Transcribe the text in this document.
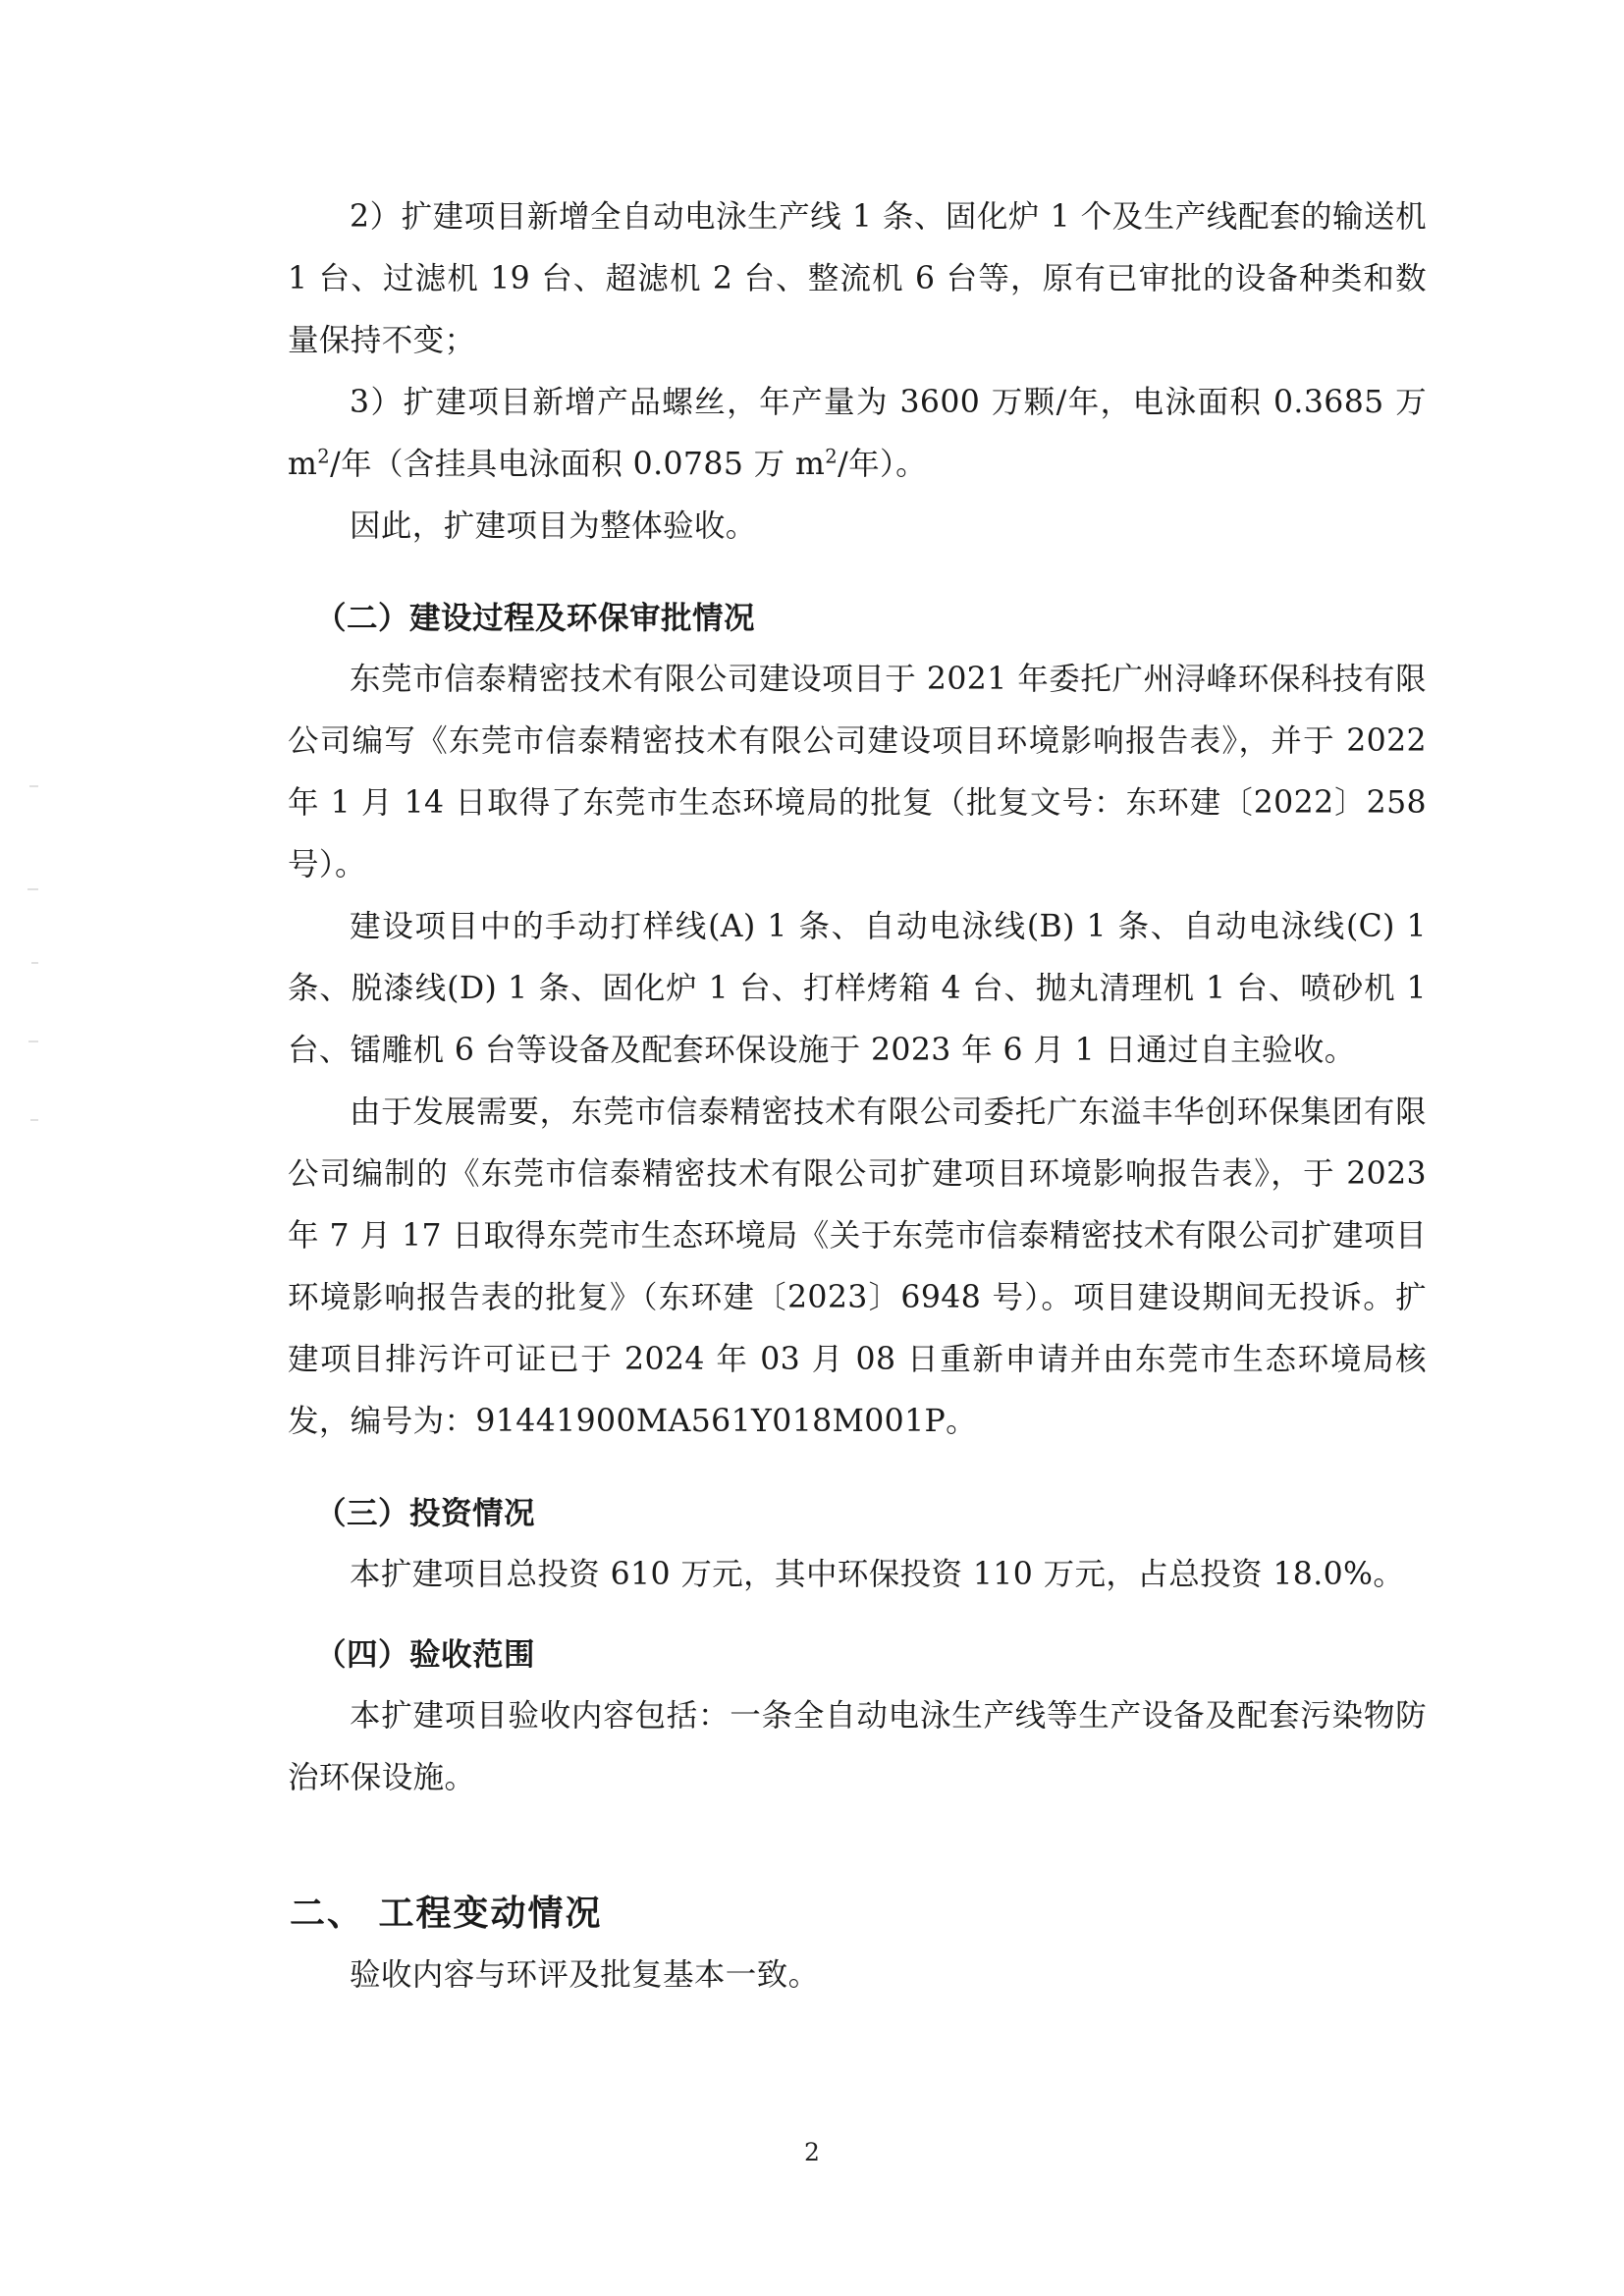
2）扩建项目新增全自动电泳生产线 1 条、固化炉 1 个及生产线配套的输送机 1 台、过滤机 19 台、超滤机 2 台、整流机 6 台等，原有已审批的设备种类和数量保持不变；

3）扩建项目新增产品螺丝，年产量为 3600 万颗/年，电泳面积 0.3685 万 $m^2/$年（含挂具电泳面积 0.0785 万 $m^2/$年）。

因此，扩建项目为整体验收。

（二）建设过程及环保审批情况

东莞市信泰精密技术有限公司建设项目于 2021 年委托广州浔峰环保科技有限公司编写《东莞市信泰精密技术有限公司建设项目环境影响报告表》，并于 2022 年 1 月 14 日取得了东莞市生态环境局的批复（批复文号：东环建〔2022〕258 号）。

建设项目中的手动打样线(A) 1 条、自动电泳线(B) 1 条、自动电泳线(C) 1 条、脱漆线(D) 1 条、固化炉 1 台、打样烤箱 4 台、抛丸清理机 1 台、喷砂机 1 台、镭雕机 6 台等设备及配套环保设施于 2023 年 6 月 1 日通过自主验收。

由于发展需要，东莞市信泰精密技术有限公司委托广东溢丰华创环保集团有限公司编制的《东莞市信泰精密技术有限公司扩建项目环境影响报告表》，于 2023 年 7 月 17 日取得东莞市生态环境局《关于东莞市信泰精密技术有限公司扩建项目环境影响报告表的批复》（东环建〔2023〕6948 号）。项目建设期间无投诉。扩建项目排污许可证已于 2024 年 03 月 08 日重新申请并由东莞市生态环境局核发，编号为：91441900MA561Y018M001P。

（三）投资情况

本扩建项目总投资 610 万元，其中环保投资 110 万元，占总投资 18.0%。

（四）验收范围

本扩建项目验收内容包括：一条全自动电泳生产线等生产设备及配套污染物防治环保设施。

二、 工程变动情况

验收内容与环评及批复基本一致。

2
